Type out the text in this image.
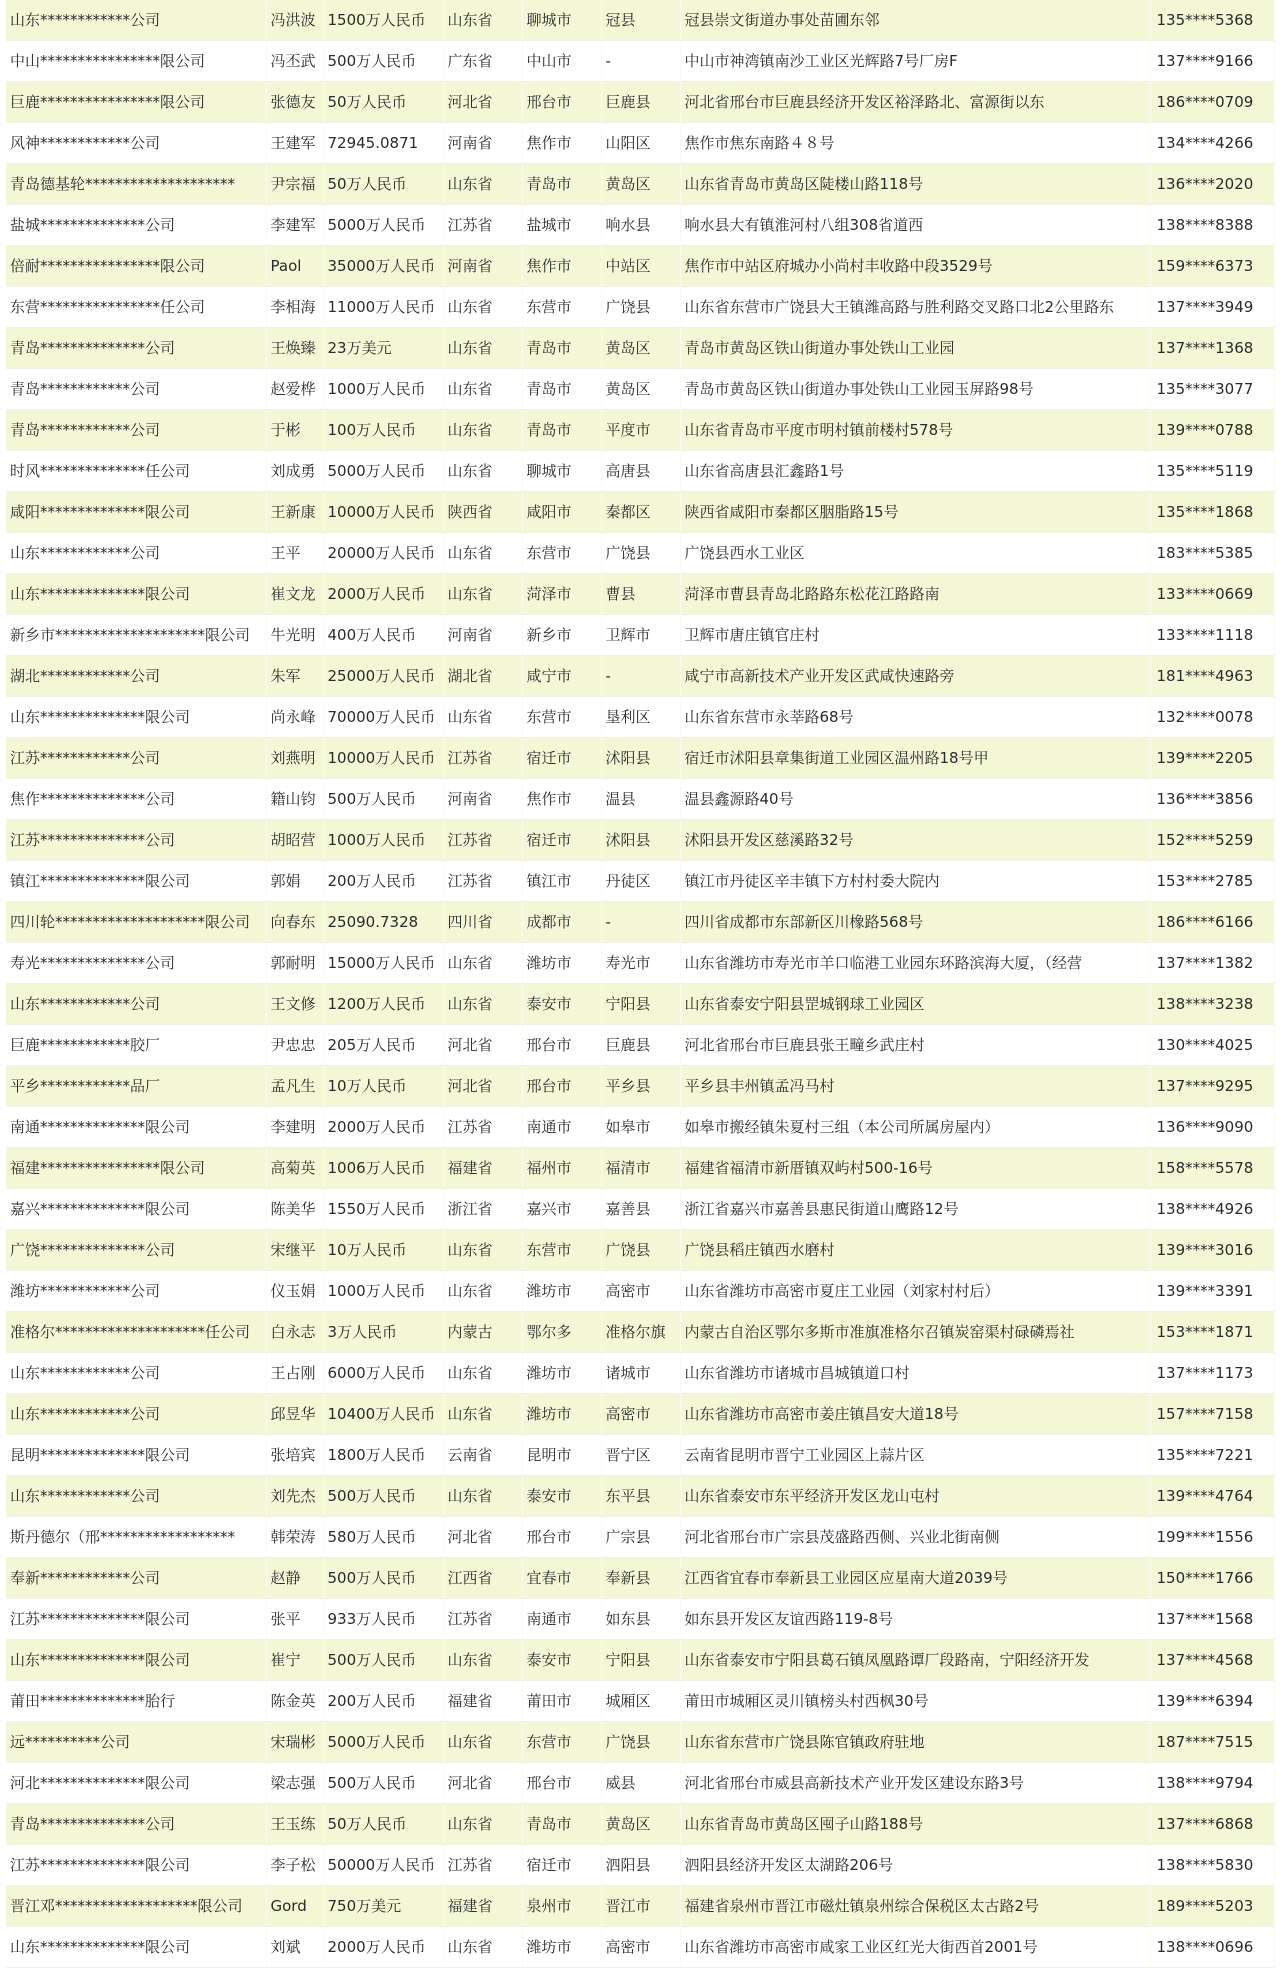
山东************公司	冯洪波	1500万人民币	山东省	聊城市	冠县	冠县崇文街道办事处苗圃东邻	135****5368
中山****************限公司	冯丕武	500万人民币	广东省	中山市	-	中山市神湾镇南沙工业区光辉路7号厂房F	137****9166
巨鹿****************限公司	张德友	50万人民币	河北省	邢台市	巨鹿县	河北省邢台市巨鹿县经济开发区裕泽路北、富源街以东	186****0709
风神************公司	王建军	72945.0871	河南省	焦作市	山阳区	焦作市焦东南路４８号	134****4266
青岛德基轮********************	尹宗福	50万人民币	山东省	青岛市	黄岛区	山东省青岛市黄岛区陡楼山路118号	136****2020
盐城**************公司	李建军	5000万人民币	江苏省	盐城市	响水县	响水县大有镇淮河村八组308省道西	138****8388
倍耐****************限公司	Paol	35000万人民币	河南省	焦作市	中站区	焦作市中站区府城办小尚村丰收路中段3529号	159****6373
东营****************任公司	李相海	11000万人民币	山东省	东营市	广饶县	山东省东营市广饶县大王镇潍高路与胜利路交叉路口北2公里路东	137****3949
青岛**************公司	王焕臻	23万美元	山东省	青岛市	黄岛区	青岛市黄岛区铁山街道办事处铁山工业园	137****1368
青岛************公司	赵爱桦	1000万人民币	山东省	青岛市	黄岛区	青岛市黄岛区铁山街道办事处铁山工业园玉屏路98号	135****3077
青岛************公司	于彬	100万人民币	山东省	青岛市	平度市	山东省青岛市平度市明村镇前楼村578号	139****0788
时风**************任公司	刘成勇	5000万人民币	山东省	聊城市	高唐县	山东省高唐县汇鑫路1号	135****5119
咸阳**************限公司	王新康	10000万人民币	陕西省	咸阳市	秦都区	陕西省咸阳市秦都区胭脂路15号	135****1868
山东************公司	王平	20000万人民币	山东省	东营市	广饶县	广饶县西水工业区	183****5385
山东**************限公司	崔文龙	2000万人民币	山东省	菏泽市	曹县	菏泽市曹县青岛北路路东松花江路路南	133****0669
新乡市********************限公司	牛光明	400万人民币	河南省	新乡市	卫辉市	卫辉市唐庄镇官庄村	133****1118
湖北************公司	朱军	25000万人民币	湖北省	咸宁市	-	咸宁市高新技术产业开发区武咸快速路旁	181****4963
山东**************限公司	尚永峰	70000万人民币	山东省	东营市	垦利区	山东省东营市永莘路68号	132****0078
江苏************公司	刘燕明	10000万人民币	江苏省	宿迁市	沭阳县	宿迁市沭阳县章集街道工业园区温州路18号甲	139****2205
焦作**************公司	籍山钧	500万人民币	河南省	焦作市	温县	温县鑫源路40号	136****3856
江苏**************公司	胡昭营	1000万人民币	江苏省	宿迁市	沭阳县	沭阳县开发区慈溪路32号	152****5259
镇江**************限公司	郭娟	200万人民币	江苏省	镇江市	丹徒区	镇江市丹徒区辛丰镇下方村村委大院内	153****2785
四川轮********************限公司	向春东	25090.7328	四川省	成都市	-	四川省成都市东部新区川橡路568号	186****6166
寿光**************公司	郭耐明	15000万人民币	山东省	潍坊市	寿光市	山东省潍坊市寿光市羊口临港工业园东环路滨海大厦，（经营	137****1382
山东************公司	王文修	1200万人民币	山东省	泰安市	宁阳县	山东省泰安宁阳县罡城钢球工业园区	138****3238
巨鹿************胶厂	尹忠忠	205万人民币	河北省	邢台市	巨鹿县	河北省邢台市巨鹿县张王疃乡武庄村	130****4025
平乡************品厂	孟凡生	10万人民币	河北省	邢台市	平乡县	平乡县丰州镇孟冯马村	137****9295
南通**************限公司	李建明	2000万人民币	江苏省	南通市	如皋市	如皋市搬经镇朱夏村三组（本公司所属房屋内）	136****9090
福建****************限公司	高菊英	1006万人民币	福建省	福州市	福清市	福建省福清市新厝镇双屿村500-16号	158****5578
嘉兴**************限公司	陈美华	1550万人民币	浙江省	嘉兴市	嘉善县	浙江省嘉兴市嘉善县惠民街道山鹰路12号	138****4926
广饶**************公司	宋继平	10万人民币	山东省	东营市	广饶县	广饶县稻庄镇西水磨村	139****3016
潍坊************公司	仪玉娟	1000万人民币	山东省	潍坊市	高密市	山东省潍坊市高密市夏庄工业园（刘家村村后）	139****3391
准格尔********************任公司	白永志	3万人民币	内蒙古	鄂尔多	准格尔旗	内蒙古自治区鄂尔多斯市准旗准格尔召镇炭窑渠村碌磷焉社	153****1871
山东************公司	王占刚	6000万人民币	山东省	潍坊市	诸城市	山东省潍坊市诸城市昌城镇道口村	137****1173
山东************公司	邱昱华	10400万人民币	山东省	潍坊市	高密市	山东省潍坊市高密市姜庄镇昌安大道18号	157****7158
昆明**************限公司	张培宾	1800万人民币	云南省	昆明市	晋宁区	云南省昆明市晋宁工业园区上蒜片区	135****7221
山东************公司	刘先杰	500万人民币	山东省	泰安市	东平县	山东省泰安市东平经济开发区龙山屯村	139****4764
斯丹德尔（邢******************	韩荣涛	580万人民币	河北省	邢台市	广宗县	河北省邢台市广宗县茂盛路西侧、兴业北街南侧	199****1556
奉新************公司	赵静	500万人民币	江西省	宜春市	奉新县	江西省宜春市奉新县工业园区应星南大道2039号	150****1766
江苏**************限公司	张平	933万人民币	江苏省	南通市	如东县	如东县开发区友谊西路119-8号	137****1568
山东**************限公司	崔宁	500万人民币	山东省	泰安市	宁阳县	山东省泰安市宁阳县葛石镇凤凰路谭厂段路南，宁阳经济开发	137****4568
莆田**************胎行	陈金英	200万人民币	福建省	莆田市	城厢区	莆田市城厢区灵川镇榜头村西枫30号	139****6394
远**********公司	宋瑞彬	5000万人民币	山东省	东营市	广饶县	山东省东营市广饶县陈官镇政府驻地	187****7515
河北**************限公司	梁志强	500万人民币	河北省	邢台市	威县	河北省邢台市威县高新技术产业开发区建设东路3号	138****9794
青岛**************公司	王玉练	50万人民币	山东省	青岛市	黄岛区	山东省青岛市黄岛区囤子山路188号	137****6868
江苏**************限公司	李子松	50000万人民币	江苏省	宿迁市	泗阳县	泗阳县经济开发区太湖路206号	138****5830
晋江邓*******************限公司	Gord	750万美元	福建省	泉州市	晋江市	福建省泉州市晋江市磁灶镇泉州综合保税区太古路2号	189****5203
山东**************限公司	刘斌	2000万人民币	山东省	潍坊市	高密市	山东省潍坊市高密市咸家工业区红光大街西首2001号	138****0696
